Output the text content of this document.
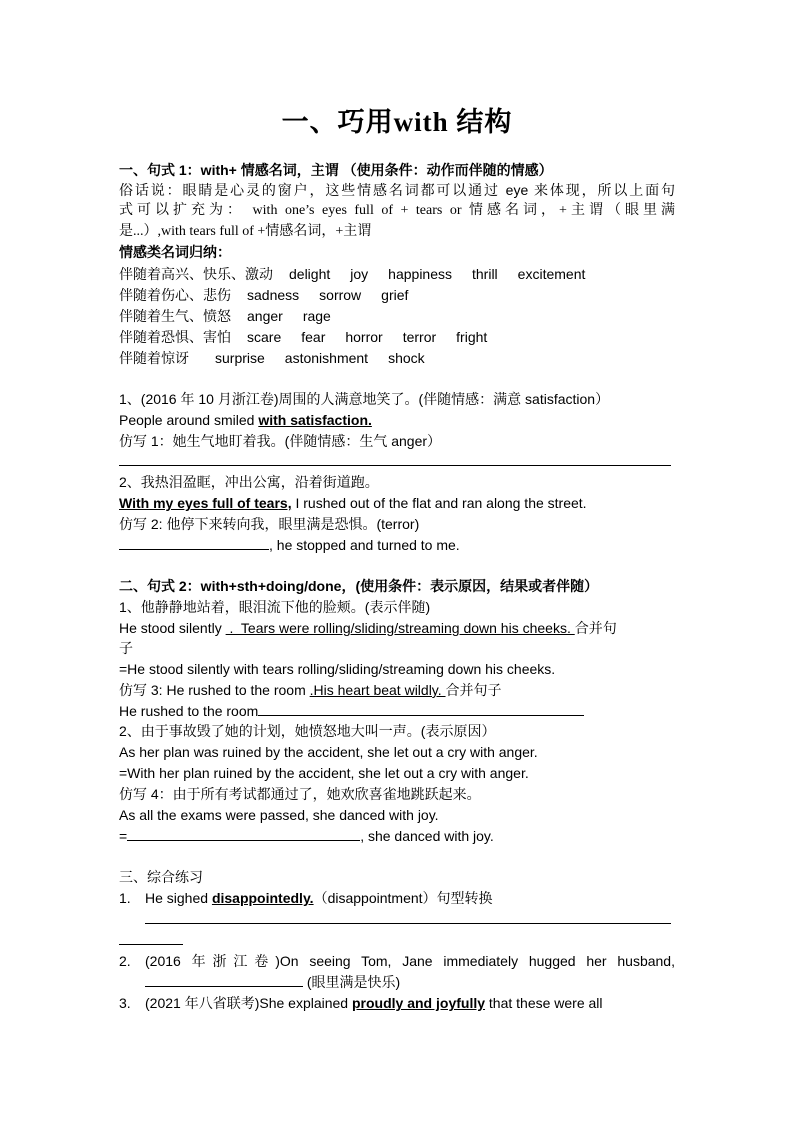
一、巧用with 结构
一、句式 1：with+ 情感名词，主谓 （使用条件：动作而伴随的情感）
俗话说：眼睛是心灵的窗户，这些情感名词都可以通过 eye 来体现，所以上面句
式可以扩充为： with one’s eyes full of + tears or 情感名词，+主谓（眼里满
是...）,with tears full of +情感名词，+主谓
情感类名词归纳：
伴随着高兴、快乐、激动 delight joy happiness thrill excitement
伴随着伤心、悲伤 sadness sorrow grief
伴随着生气、愤怒 anger rage
伴随着恐惧、害怕 scare fear horror terror fright
伴随着惊讶 surprise astonishment shock
1、(2016 年 10 月浙江卷)周围的人满意地笑了。(伴随情感：满意 satisfaction）
People around smiled with satisfaction.
仿写 1：她生气地盯着我。(伴随情感：生气 anger）
2、我热泪盈眶，冲出公寓，沿着街道跑。
With my eyes full of tears, I rushed out of the flat and ran along the street.
仿写 2: 他停下来转向我，眼里满是恐惧。(terror)
, he stopped and turned to me.
二、句式 2：with+sth+doing/done，(使用条件：表示原因，结果或者伴随）
1、他静静地站着，眼泪流下他的脸颊。(表示伴随)
He stood silently  .  Tears were rolling/sliding/streaming down his cheeks. 合并句
子
=He stood silently with tears rolling/sliding/streaming down his cheeks.
仿写 3: He rushed to the room .His heart beat wildly. 合并句子
He rushed to the room
2、由于事故毁了她的计划，她愤怒地大叫一声。(表示原因）
As her plan was ruined by the accident, she let out a cry with anger.
=With her plan ruined by the accident, she let out a cry with anger.
仿写 4：由于所有考试都通过了，她欢欣喜雀地跳跃起来。
As all the exams were passed, she danced with joy.
=	, she danced with joy.
三、综合练习
1. He sighed disappointedly.（disappointment）句型转换
2. (2016 年浙江卷)On seeing Tom, Jane immediately hugged her husband,
(眼里满是快乐)
3. (2021 年八省联考)She explained proudly and joyfully that these were all
